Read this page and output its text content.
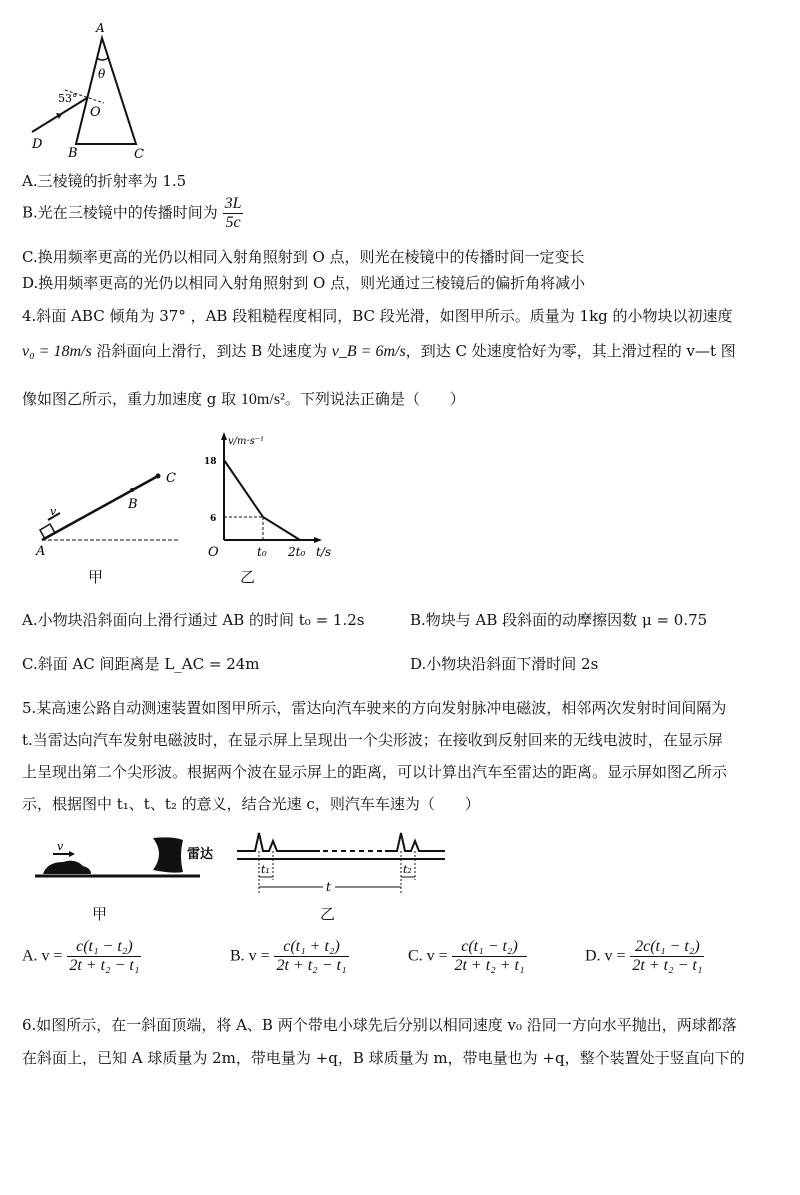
A
θ
53°
O
D
B	C
A.三棱镜的折射率为 1.5
B.光在三棱镜中的传播时间为 $\frac{3L}{5c}$
C.换用频率更高的光仍以相同入射角照射到 O 点，则光在棱镜中的传播时间一定变长
D.换用频率更高的光仍以相同入射角照射到 O 点，则光通过三棱镜后的偏折角将减小
4.斜面 ABC 倾角为 37° ，AB 段粗糙程度相同，BC 段光滑，如图甲所示。质量为 1kg 的小物块以初速度
v₀ = 18m/s 沿斜面向上滑行，到达 B 处速度为 v_B = 6m/s，到达 C 处速度恰好为零，其上滑过程的 v—t 图
像如图乙所示，重力加速度 g 取 10m/s²。下列说法正确是（　　）
v
A
B
C
甲
v/m·s⁻¹
18
6
O	t₀ 2t₀ t/s
乙
A.小物块沿斜面向上滑行通过 AB 的时间 t₀ = 1.2s	B.物块与 AB 段斜面的动摩擦因数 μ = 0.75
C.斜面 AC 间距离是 L_AC = 24m	D.小物块沿斜面下滑时间 2s
5.某高速公路自动测速装置如图甲所示，雷达向汽车驶来的方向发射脉冲电磁波，相邻两次发射时间间隔为
t.当雷达向汽车发射电磁波时，在显示屏上呈现出一个尖形波；在接收到反射回来的无线电波时，在显示屏
上呈现出第二个尖形波。根据两个波在显示屏上的距离，可以计算出汽车至雷达的距离。显示屏如图乙所示
示，根据图中 t₁、t、t₂ 的意义，结合光速 c，则汽车车速为（　　）
v
雷达
甲
t₁
t
t₂
乙
A. $v = \frac{\text{c(t₁ − t₂)}}{\text{2t + t₂ − t₁}}$	B. $v = \frac{\text{c(t₁ + t₂)}}{\text{2t + t₂ − t₁}}$	C. $v = \frac{\text{c(t₁ − t₂)}}{\text{2t + t₂ + t₁}}$	D. $v = \frac{\text{2c(t₁ − t₂)}}{\text{2t + t₂ − t₁}}$
6.如图所示，在一斜面顶端，将 A、B 两个带电小球先后分别以相同速度 v₀ 沿同一方向水平抛出，两球都落
在斜面上，已知 A 球质量为 2m，带电量为 +q，B 球质量为 m，带电量也为 +q，整个装置处于竖直向下的
